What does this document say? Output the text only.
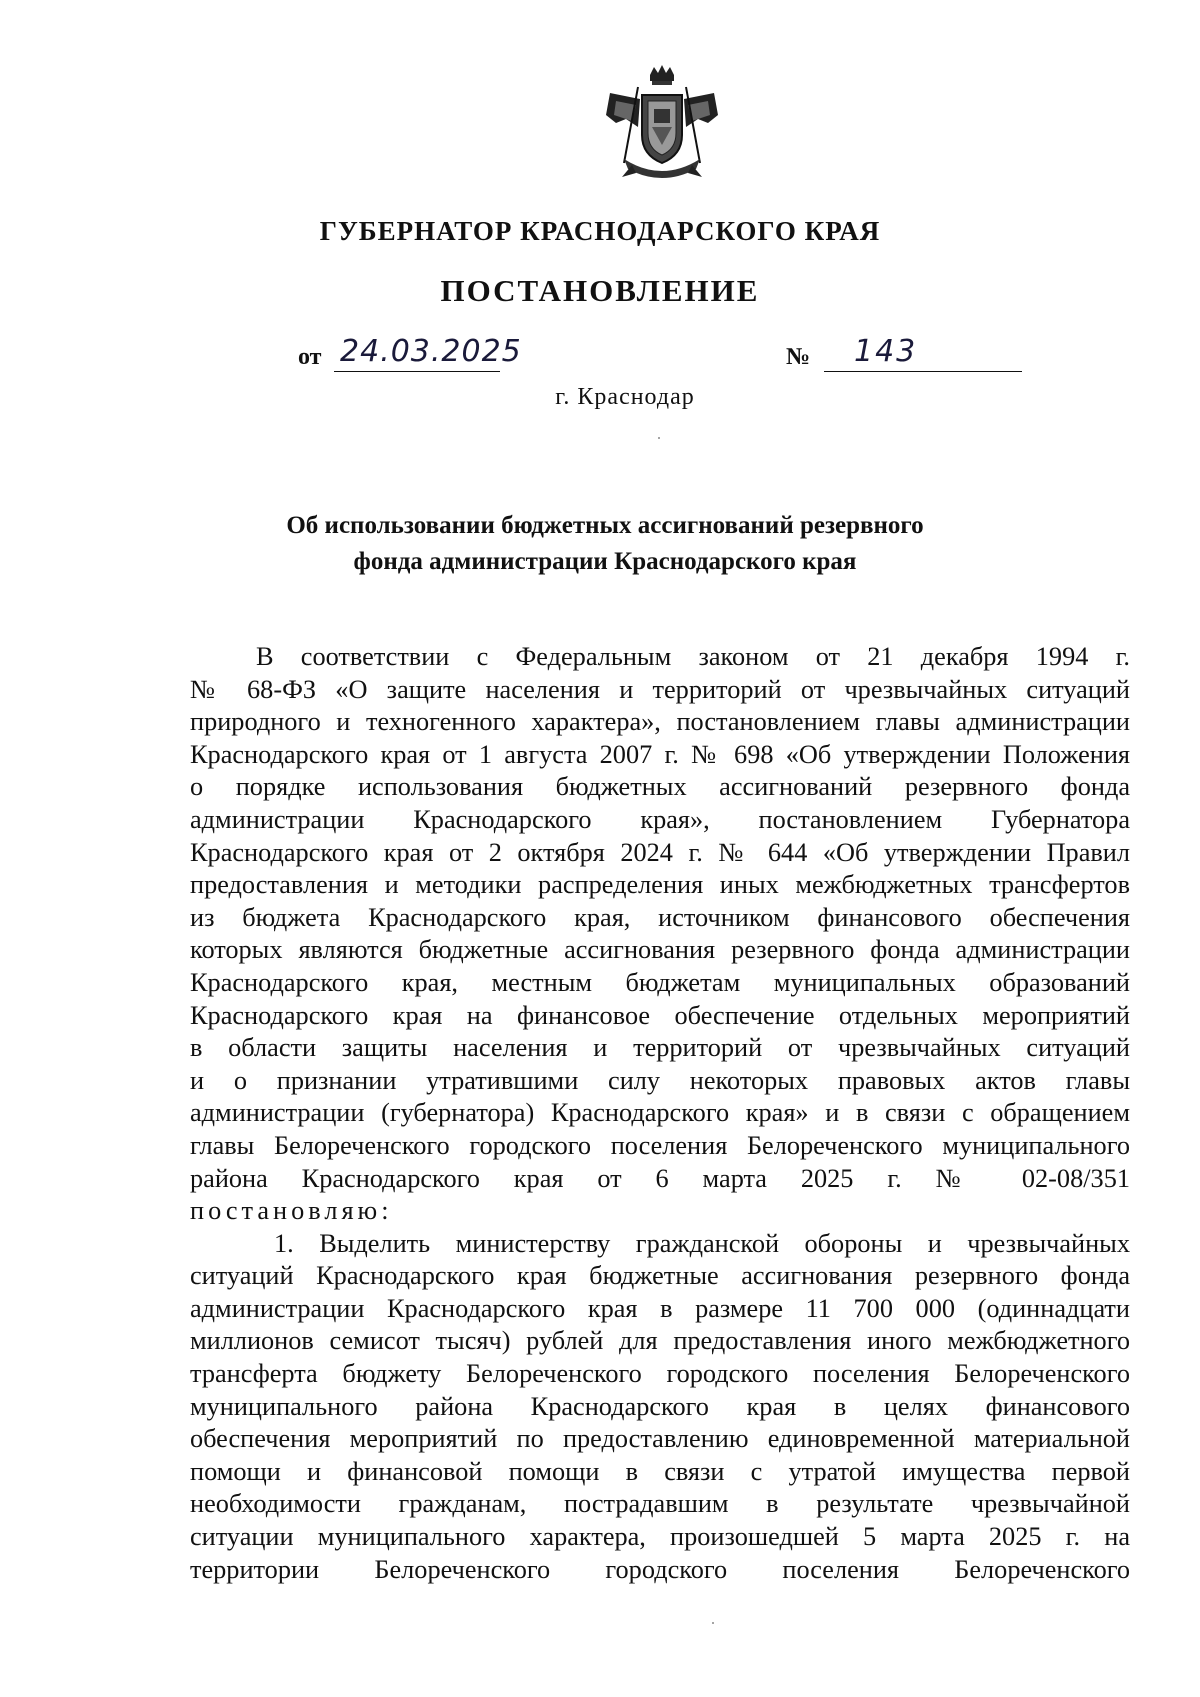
ГУБЕРНАТОР КРАСНОДАРСКОГО КРАЯ
ПОСТАНОВЛЕНИЕ
от 24.03.2025	№ 143
г. Краснодар
Об использовании бюджетных ассигнований резервного
фонда администрации Краснодарского края
В соответствии с Федеральным законом от 21 декабря 1994 г.
№ 68-ФЗ «О защите населения и территорий от чрезвычайных ситуаций
природного и техногенного характера», постановлением главы администрации
Краснодарского края от 1 августа 2007 г. № 698 «Об утверждении Положения
о порядке использования бюджетных ассигнований резервного фонда
администрации Краснодарского края», постановлением Губернатора
Краснодарского края от 2 октября 2024 г. № 644 «Об утверждении Правил
предоставления и методики распределения иных межбюджетных трансфертов
из бюджета Краснодарского края, источником финансового обеспечения
которых являются бюджетные ассигнования резервного фонда администрации
Краснодарского края, местным бюджетам муниципальных образований
Краснодарского края на финансовое обеспечение отдельных мероприятий
в области защиты населения и территорий от чрезвычайных ситуаций
и о признании утратившими силу некоторых правовых актов главы
администрации (губернатора) Краснодарского края» и в связи с обращением
главы Белореченского городского поселения Белореченского муниципального
района Краснодарского края от 6 марта 2025 г. № 02-08/351
постановляю:
1. Выделить министерству гражданской обороны и чрезвычайных
ситуаций Краснодарского края бюджетные ассигнования резервного фонда
администрации Краснодарского края в размере 11 700 000 (одиннадцати
миллионов семисот тысяч) рублей для предоставления иного межбюджетного
трансферта бюджету Белореченского городского поселения Белореченского
муниципального района Краснодарского края в целях финансового
обеспечения мероприятий по предоставлению единовременной материальной
помощи и финансовой помощи в связи с утратой имущества первой
необходимости гражданам, пострадавшим в результате чрезвычайной
ситуации муниципального характера, произошедшей 5 марта 2025 г. на
территории Белореченского городского поселения Белореченского
